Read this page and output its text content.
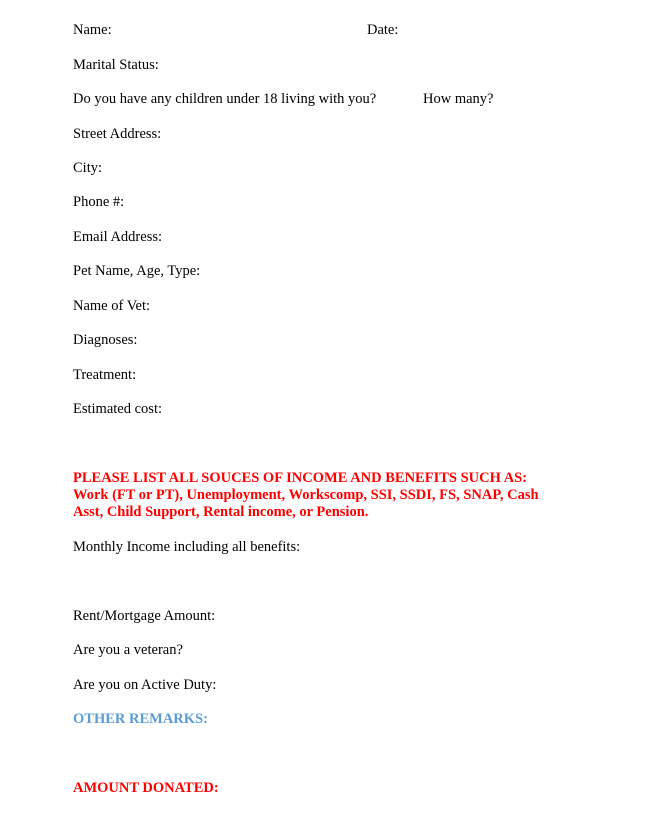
Name:	Date:
Marital Status:
Do you have any children under 18 living with you?	How many?
Street Address:
City:
Phone #:
Email Address:
Pet Name, Age, Type:
Name of Vet:
Diagnoses:
Treatment:
Estimated cost:
PLEASE LIST ALL SOUCES OF INCOME AND BENEFITS SUCH AS:
Work (FT or PT), Unemployment, Workscomp, SSI, SSDI, FS, SNAP, Cash
Asst, Child Support, Rental income, or Pension.
Monthly Income including all benefits:
Rent/Mortgage Amount:
Are you a veteran?
Are you on Active Duty:
OTHER REMARKS:
AMOUNT DONATED:
